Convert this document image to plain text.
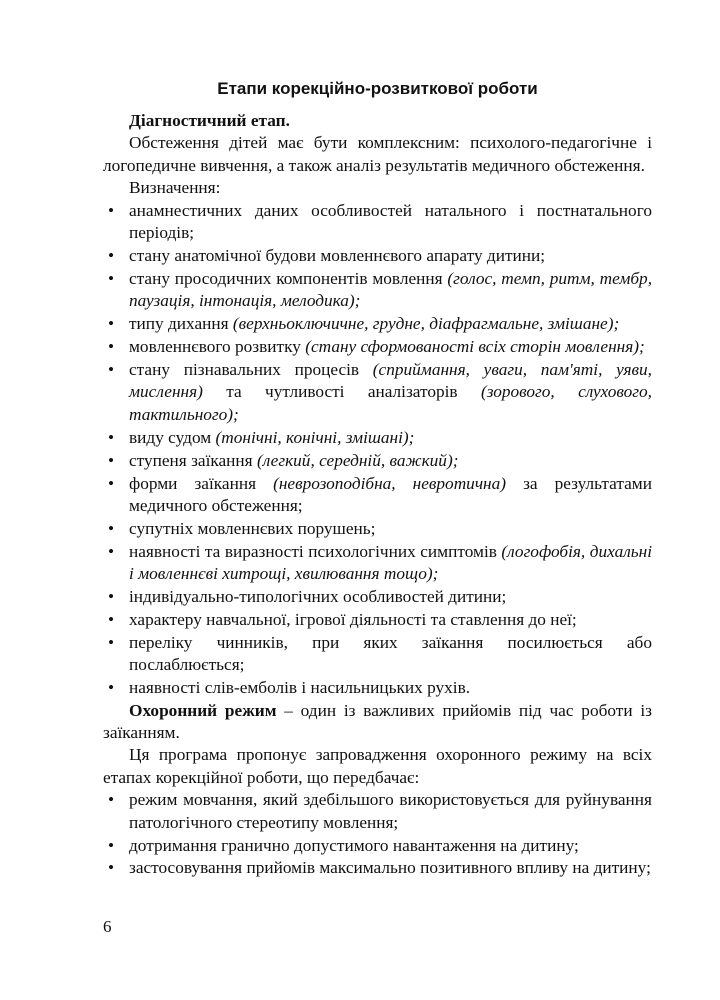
Етапи корекційно-розвиткової роботи

Діагностичний етап.

Обстеження дітей має бути комплексним: психолого-педагогічне і логопедичне вивчення, а також аналіз результатів медичного обстеження.

Визначення:

• анамнестичних даних особливостей натального і постнатального періодів;
• стану анатомічної будови мовленнєвого апарату дитини;
• стану просодичних компонентів мовлення (голос, темп, ритм, тембр, паузація, інтонація, мелодика);
• типу дихання (верхньоключичне, грудне, діафрагмальне, змішане);
• мовленнєвого розвитку (стану сформованості всіх сторін мовлення);
• стану пізнавальних процесів (сприймання, уваги, пам'яті, уяви, мислення) та чутливості аналізаторів (зорового, слухового, тактильного);
• виду судом (тонічні, конічні, змішані);
• ступеня заїкання (легкий, середній, важкий);
• форми заїкання (неврозоподібна, невротична) за результатами медичного обстеження;
• супутніх мовленнєвих порушень;
• наявності та виразності психологічних симптомів (логофобія, дихальні і мовленнєві хитрощі, хвилювання тощо);
• індивідуально-типологічних особливостей дитини;
• характеру навчальної, ігрової діяльності та ставлення до неї;
• переліку чинників, при яких заїкання посилюється або послаблюється;
• наявності слів-емболів і насильницьких рухів.

Охоронний режим – один із важливих прийомів під час роботи із заїканням.

Ця програма пропонує запровадження охоронного режиму на всіх етапах корекційної роботи, що передбачає:

• режим мовчання, який здебільшого використовується для руйнування патологічного стереотипу мовлення;
• дотримання гранично допустимого навантаження на дитину;
• застосовування прийомів максимально позитивного впливу на дитину;
6
